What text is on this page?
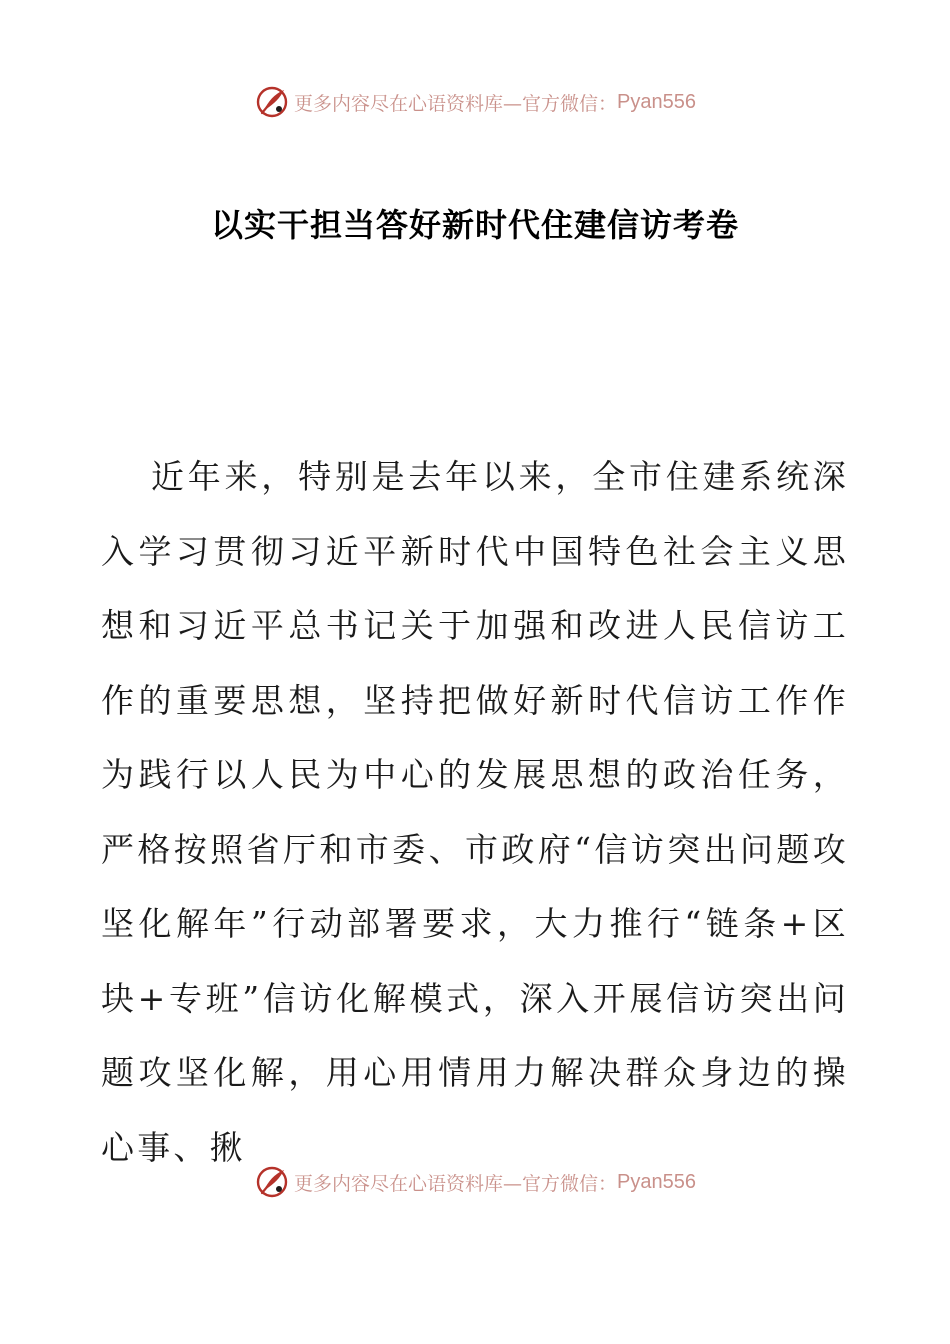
更多内容尽在心语资料库—官方微信： Pyan556
以实干担当答好新时代住建信访考卷

近年来，特别是去年以来，全市住建系统深入学习贯彻习近平新时代中国特色社会主义思想和习近平总书记关于加强和改进人民信访工作的重要思想，坚持把做好新时代信访工作作为践行以人民为中心的发展思想的政治任务，严格按照省厅和市委、市政府“信访突出问题攻坚化解年”行动部署要求，大力推行“链条+区块+专班”信访化解模式，深入开展信访突出问题攻坚化解，用心用情用力解决群众身边的操心事、揪

更多内容尽在心语资料库—官方微信： Pyan556
